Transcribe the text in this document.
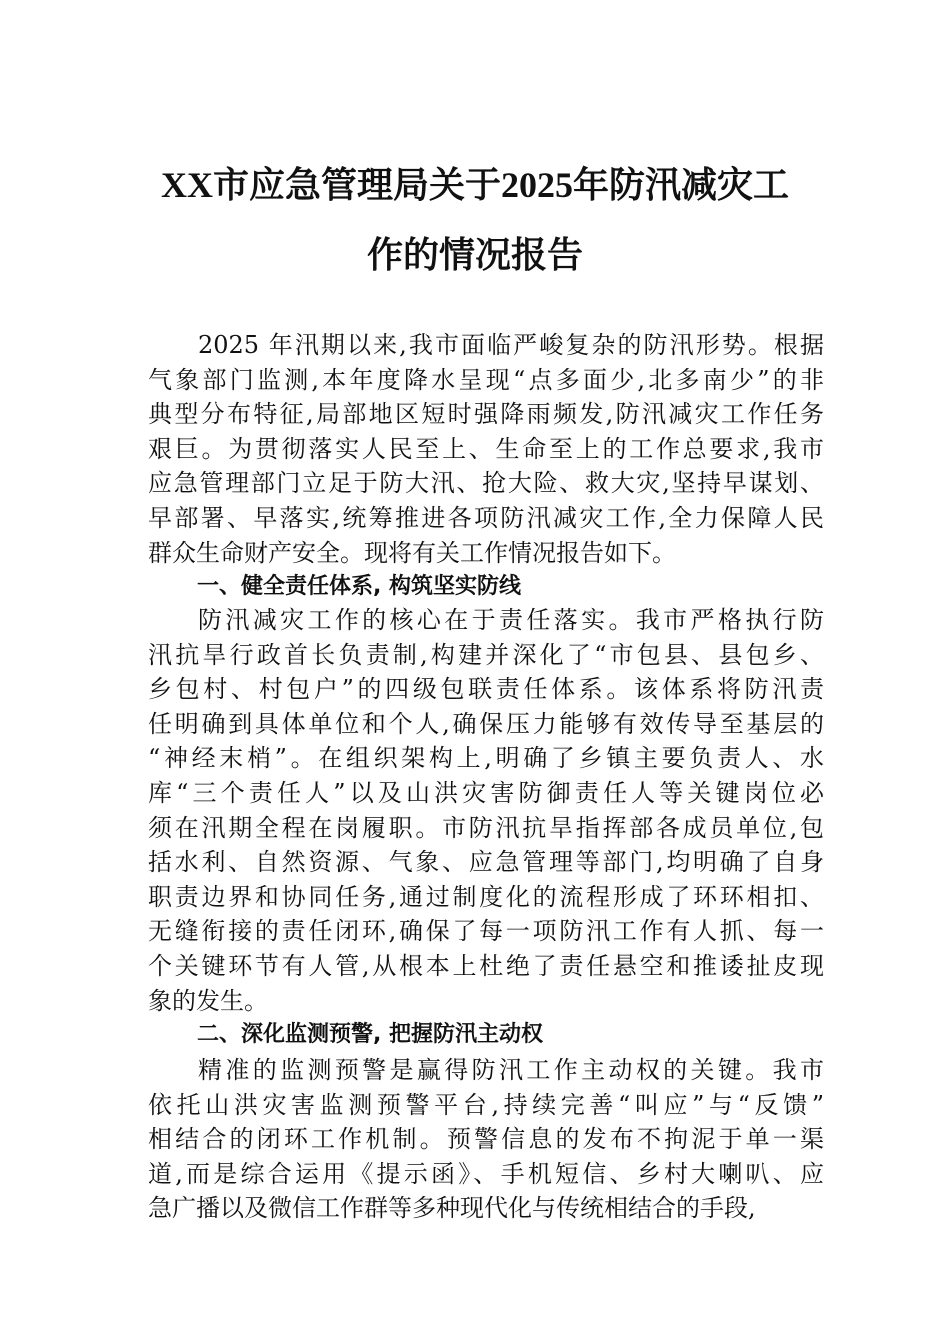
XX市应急管理局关于2025年防汛减灾工
作的情况报告
2025 年汛期以来,我市面临严峻复杂的防汛形势。根据
气象部门监测,本年度降水呈现“点多面少,北多南少”的非
典型分布特征,局部地区短时强降雨频发,防汛减灾工作任务
艰巨。为贯彻落实人民至上、生命至上的工作总要求,我市
应急管理部门立足于防大汛、抢大险、救大灾,坚持早谋划、
早部署、早落实,统筹推进各项防汛减灾工作,全力保障人民
群众生命财产安全。现将有关工作情况报告如下。
一、健全责任体系, 构筑坚实防线
防汛减灾工作的核心在于责任落实。我市严格执行防
汛抗旱行政首长负责制,构建并深化了“市包县、县包乡、
乡包村、村包户”的四级包联责任体系。该体系将防汛责
任明确到具体单位和个人,确保压力能够有效传导至基层的
“神经末梢”。在组织架构上,明确了乡镇主要负责人、水
库“三个责任人”以及山洪灾害防御责任人等关键岗位必
须在汛期全程在岗履职。市防汛抗旱指挥部各成员单位,包
括水利、自然资源、气象、应急管理等部门,均明确了自身
职责边界和协同任务,通过制度化的流程形成了环环相扣、
无缝衔接的责任闭环,确保了每一项防汛工作有人抓、每一
个关键环节有人管,从根本上杜绝了责任悬空和推诿扯皮现
象的发生。
二、深化监测预警, 把握防汛主动权
精准的监测预警是赢得防汛工作主动权的关键。我市
依托山洪灾害监测预警平台,持续完善“叫应”与“反馈”
相结合的闭环工作机制。预警信息的发布不拘泥于单一渠
道,而是综合运用《提示函》、手机短信、乡村大喇叭、应
急广播以及微信工作群等多种现代化与传统相结合的手段,
